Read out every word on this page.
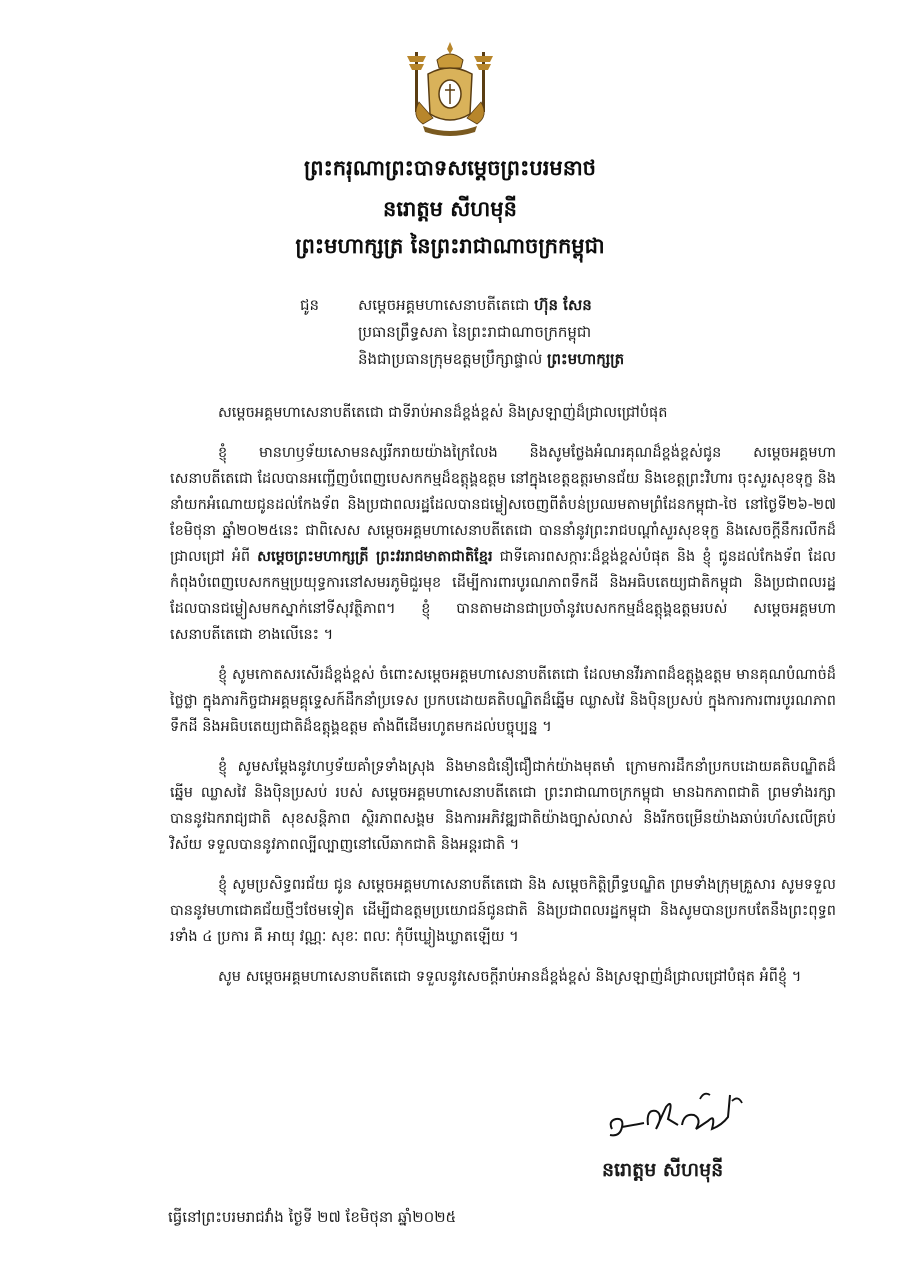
ព្រះករុណាព្រះបាទសម្ដេចព្រះបរមនាថ
នរោត្ដម សីហមុនី
ព្រះមហាក្សត្រ នៃព្រះរាជាណាចក្រកម្ពុជា
ជូន	សម្ដេចអគ្គមហាសេនាបតីតេជោ ហ៊ុន សែន
ប្រធានព្រឹទ្ធសភា នៃព្រះរាជាណាចក្រកម្ពុជា
និងជាប្រធានក្រុមឧត្ដមប្រឹក្សាផ្ទាល់ ព្រះមហាក្សត្រ

សម្ដេចអគ្គមហាសេនាបតីតេជោ ជាទីរាប់អានដ៏ខ្ពង់ខ្ពស់ និងស្រឡាញ់ដ៏ជ្រាលជ្រៅបំផុត

ខ្ញុំ មានហឫទ័យសោមនស្សរីករាយយ៉ាងក្រៃលែង និងសូមថ្លែងអំណរគុណដ៏ខ្ពង់ខ្ពស់ជូន សម្ដេចអគ្គមហាសេនាបតីតេជោ ដែលបានអញ្ជើញបំពេញបេសកកម្មដ៏ឧត្ដុង្គឧត្ដម នៅក្នុងខេត្តឧត្ដរមានជ័យ និងខេត្តព្រះវិហារ ចុះសួរសុខទុក្ខ និងនាំយកអំណោយជូនដល់កែងទ័ព និងប្រជាពលរដ្ឋដែលបានជម្លៀសចេញពីតំបន់ប្រឈមតាមព្រំដែនកម្ពុជា-ថៃ នៅថ្ងៃទី២៦-២៧ ខែមិថុនា ឆ្នាំ២០២៥នេះ ជាពិសេស សម្ដេចអគ្គមហាសេនាបតីតេជោ បាននាំនូវព្រះរាជបណ្ដាំសួរសុខទុក្ខ និងសេចក្ដីនឹករលឹកដ៏ជ្រាលជ្រៅ អំពី សម្ដេចព្រះមហាក្សត្រី ព្រះវររាជមាតាជាតិខ្មែរ ជាទីគោរពសក្ការៈដ៏ខ្ពង់ខ្ពស់បំផុត និង ខ្ញុំ ជូនដល់កែងទ័ព ដែលកំពុងបំពេញបេសកកម្មប្រយុទ្ធការនៅសមរភូមិជួរមុខ ដើម្បីការពារបូរណភាពទឹកដី និងអធិបតេយ្យជាតិកម្ពុជា និងប្រជាពលរដ្ឋដែលបានជម្លៀសមកស្នាក់នៅទីសុវត្ថិភាព។ ខ្ញុំ បានតាមដានជាប្រចាំនូវបេសកកម្មដ៏ឧត្ដុង្គឧត្ដមរបស់ សម្ដេចអគ្គមហាសេនាបតីតេជោ ខាងលើនេះ ។

ខ្ញុំ សូមកោតសរសើរដ៏ខ្ពង់ខ្ពស់ ចំពោះសម្ដេចអគ្គមហាសេនាបតីតេជោ ដែលមានវីរភាពដ៏ឧត្ដុង្គឧត្ដម មានគុណបំណាច់ដ៏ថ្លៃថ្លា ក្នុងភារកិច្ចជាអគ្គមគ្គុទ្ទេសក៍ដឹកនាំប្រទេស ប្រកបដោយគតិបណ្ឌិតដ៏ឆ្នើម ឈ្លាសវៃ និងប៉ិនប្រសប់ ក្នុងការការពារបូរណភាពទឹកដី និងអធិបតេយ្យជាតិដ៏ឧត្ដុង្គឧត្ដម តាំងពីដើមរហូតមកដល់បច្ចុប្បន្ន ។

ខ្ញុំ សូមសម្ដែងនូវហឫទ័យគាំទ្រទាំងស្រុង និងមានជំនឿជឿជាក់យ៉ាងមុតមាំ ក្រោមការដឹកនាំប្រកបដោយគតិបណ្ឌិតដ៏ឆ្នើម ឈ្លាសវៃ និងប៉ិនប្រសប់ របស់ សម្ដេចអគ្គមហាសេនាបតីតេជោ ព្រះរាជាណាចក្រកម្ពុជា មានឯកភាពជាតិ ព្រមទាំងរក្សាបាននូវឯករាជ្យជាតិ សុខសន្ដិភាព ស្ថិរភាពសង្គម និងការអភិវឌ្ឍជាតិយ៉ាងច្បាស់លាស់ និងរីកចម្រើនយ៉ាងឆាប់រហ័សលើគ្រប់វិស័យ ទទួលបាននូវភាពល្បីល្បាញនៅលើឆាកជាតិ និងអន្ដរជាតិ ។

ខ្ញុំ សូមប្រសិទ្ធពរជ័យ ជូន សម្ដេចអគ្គមហាសេនាបតីតេជោ និង សម្ដេចកិត្ដិព្រឹទ្ធបណ្ឌិត ព្រមទាំងក្រុមគ្រួសារ សូមទទួលបាននូវមហាជោគជ័យថ្មីៗថែមទៀត ដើម្បីជាឧត្ដមប្រយោជន៍ជូនជាតិ និងប្រជាពលរដ្ឋកម្ពុជា និងសូមបានប្រកបតែនឹងព្រះពុទ្ធពរទាំង ៤ ប្រការ គឺ អាយុ វណ្ណៈ សុខៈ ពលៈ កុំបីឃ្លៀងឃ្លាតឡើយ ។

សូម សម្ដេចអគ្គមហាសេនាបតីតេជោ ទទួលនូវសេចក្ដីរាប់អានដ៏ខ្ពង់ខ្ពស់ និងស្រឡាញ់ដ៏ជ្រាលជ្រៅបំផុត អំពីខ្ញុំ ។

នរោត្ដម សីហមុនី
ធ្វើនៅព្រះបរមរាជវាំង ថ្ងៃទី ២៧ ខែមិថុនា ឆ្នាំ២០២៥
